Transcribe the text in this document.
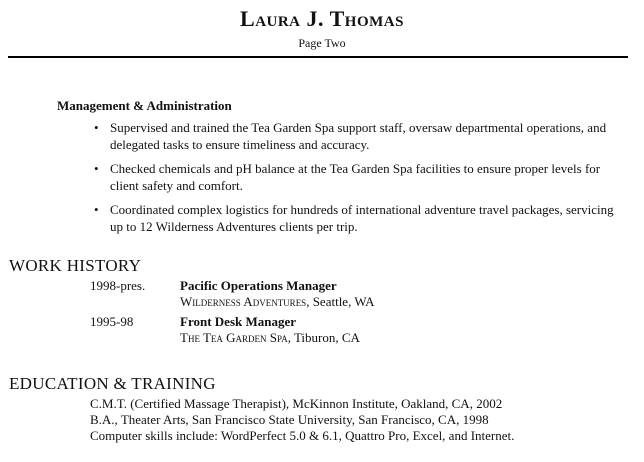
Laura J. Thomas
Page Two
Management & Administration
• Supervised and trained the Tea Garden Spa support staff, oversaw departmental operations, and delegated tasks to ensure timeliness and accuracy.
• Checked chemicals and pH balance at the Tea Garden Spa facilities to ensure proper levels for client safety and comfort.
• Coordinated complex logistics for hundreds of international adventure travel packages, servicing up to 12 Wilderness Adventures clients per trip.
WORK HISTORY
1998-pres.	Pacific Operations Manager
Wilderness Adventures, Seattle, WA
1995-98	Front Desk Manager
The Tea Garden Spa, Tiburon, CA
EDUCATION & TRAINING
C.M.T. (Certified Massage Therapist), McKinnon Institute, Oakland, CA, 2002
B.A., Theater Arts, San Francisco State University, San Francisco, CA, 1998
Computer skills include: WordPerfect 5.0 & 6.1, Quattro Pro, Excel, and Internet.
